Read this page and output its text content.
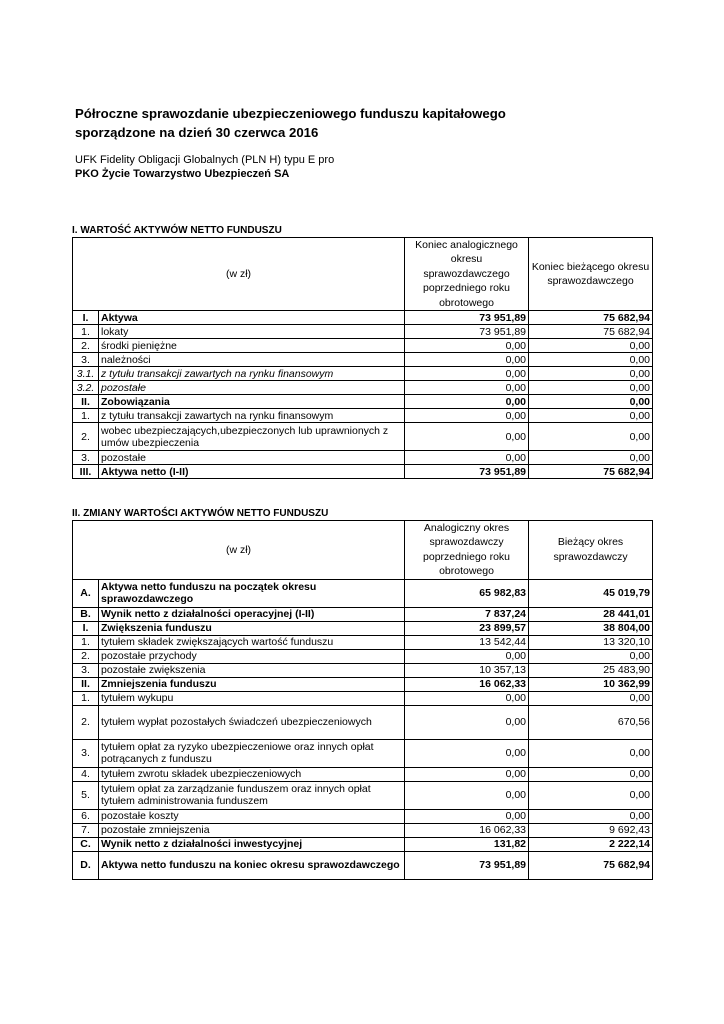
Półroczne sprawozdanie ubezpieczeniowego funduszu kapitałowego
sporządzone na dzień 30 czerwca 2016
UFK Fidelity Obligacji Globalnych (PLN H) typu E pro
PKO Życie Towarzystwo Ubezpieczeń SA
I. WARTOŚĆ AKTYWÓW NETTO FUNDUSZU
(w zł)		Koniec analogicznego okresu sprawozdawczego poprzedniego roku obrotowego	Koniec bieżącego okresu sprawozdawczego
I.	Aktywa	73 951,89	75 682,94
1.	lokaty	73 951,89	75 682,94
2.	środki pieniężne	0,00	0,00
3.	należności	0,00	0,00
3.1.	z tytułu transakcji zawartych na rynku finansowym	0,00	0,00
3.2.	pozostałe	0,00	0,00
II.	Zobowiązania	0,00	0,00
1.	z tytułu transakcji zawartych na rynku finansowym	0,00	0,00
2.	wobec ubezpieczających,ubezpieczonych lub uprawnionych z umów ubezpieczenia	0,00	0,00
3.	pozostałe	0,00	0,00
III.	Aktywa netto (I-II)	73 951,89	75 682,94
II. ZMIANY WARTOŚCI AKTYWÓW NETTO FUNDUSZU
(w zł)		Analogiczny okres sprawozdawczy poprzedniego roku obrotowego	Bieżący okres sprawozdawczy
A.	Aktywa netto funduszu na początek okresu sprawozdawczego	65 982,83	45 019,79
B.	Wynik netto z działalności operacyjnej (I-II)	7 837,24	28 441,01
I.	Zwiększenia funduszu	23 899,57	38 804,00
1.	tytułem składek zwiększających wartość funduszu	13 542,44	13 320,10
2.	pozostałe przychody	0,00	0,00
3.	pozostałe zwiększenia	10 357,13	25 483,90
II.	Zmniejszenia funduszu	16 062,33	10 362,99
1.	tytułem wykupu	0,00	0,00
2.	tytułem wypłat pozostałych świadczeń ubezpieczeniowych	0,00	670,56
3.	tytułem opłat za ryzyko ubezpieczeniowe oraz innych opłat potrącanych z funduszu	0,00	0,00
4.	tytułem zwrotu składek ubezpieczeniowych	0,00	0,00
5.	tytułem opłat za zarządzanie funduszem oraz innych opłat tytułem administrowania funduszem	0,00	0,00
6.	pozostałe koszty	0,00	0,00
7.	pozostałe zmniejszenia	16 062,33	9 692,43
C.	Wynik netto z działalności inwestycyjnej	131,82	2 222,14
D.	Aktywa netto funduszu na koniec okresu sprawozdawczego	73 951,89	75 682,94
